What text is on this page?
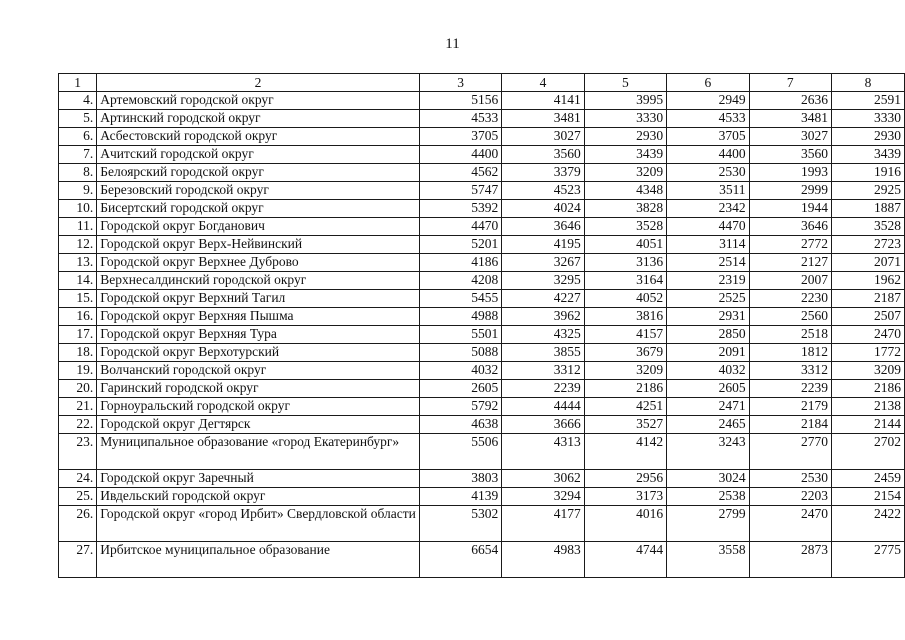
11
1	2	3	4	5	6	7	8
4.	Артемовский городской округ	5156	4141	3995	2949	2636	2591
5.	Артинский городской округ	4533	3481	3330	4533	3481	3330
6.	Асбестовский городской округ	3705	3027	2930	3705	3027	2930
7.	Ачитский городской округ	4400	3560	3439	4400	3560	3439
8.	Белоярский городской округ	4562	3379	3209	2530	1993	1916
9.	Березовский городской округ	5747	4523	4348	3511	2999	2925
10.	Бисертский городской округ	5392	4024	3828	2342	1944	1887
11.	Городской округ Богданович	4470	3646	3528	4470	3646	3528
12.	Городской округ Верх-Нейвинский	5201	4195	4051	3114	2772	2723
13.	Городской округ Верхнее Дуброво	4186	3267	3136	2514	2127	2071
14.	Верхнесалдинский городской округ	4208	3295	3164	2319	2007	1962
15.	Городской округ Верхний Тагил	5455	4227	4052	2525	2230	2187
16.	Городской округ Верхняя Пышма	4988	3962	3816	2931	2560	2507
17.	Городской округ Верхняя Тура	5501	4325	4157	2850	2518	2470
18.	Городской округ Верхотурский	5088	3855	3679	2091	1812	1772
19.	Волчанский городской округ	4032	3312	3209	4032	3312	3209
20.	Гаринский городской округ	2605	2239	2186	2605	2239	2186
21.	Горноуральский городской округ	5792	4444	4251	2471	2179	2138
22.	Городской округ Дегтярск	4638	3666	3527	2465	2184	2144
23.	Муниципальное образование «город Екатеринбург»	5506	4313	4142	3243	2770	2702
24.	Городской округ Заречный	3803	3062	2956	3024	2530	2459
25.	Ивдельский городской округ	4139	3294	3173	2538	2203	2154
26.	Городской округ «город Ирбит» Свердловской области	5302	4177	4016	2799	2470	2422
27.	Ирбитское муниципальное образование	6654	4983	4744	3558	2873	2775
